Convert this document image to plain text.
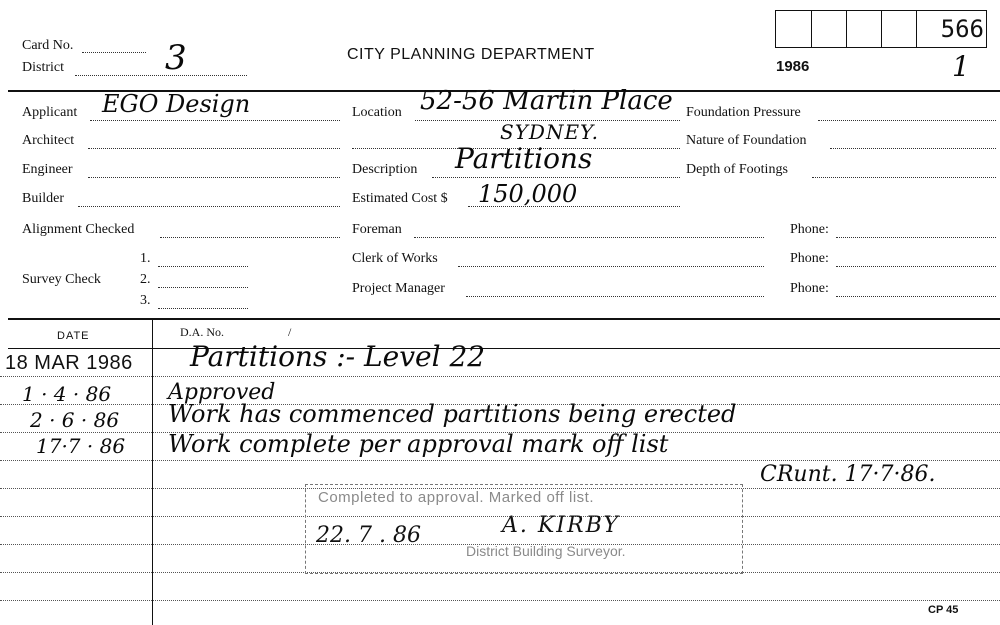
Card No.
District	3	CITY PLANNING DEPARTMENT
566
1986	1
Applicant EGO Design
Architect
Engineer
Builder
Alignment Checked
Survey Check
1.
2.
3.
Location 52-56 Martin Place
SYDNEY.
Description Partitions
Estimated Cost $ 150,000
Foreman	Phone:
Clerk of Works	Phone:
Project Manager	Phone:
Foundation Pressure
Nature of Foundation
Depth of Footings
DATE	D.A. No.	/
18 MAR 1986 Partitions :- Level 22
1 · 4 · 86	Approved
2 · 6 · 86 Work has commenced partitions being erected
17·7 · 86 Work complete per approval mark off list
CRunt. 17·7·86.
Completed to approval. Marked off list.
22. 7 . 86	A. KIRBY
District Building Surveyor.
CP 45
